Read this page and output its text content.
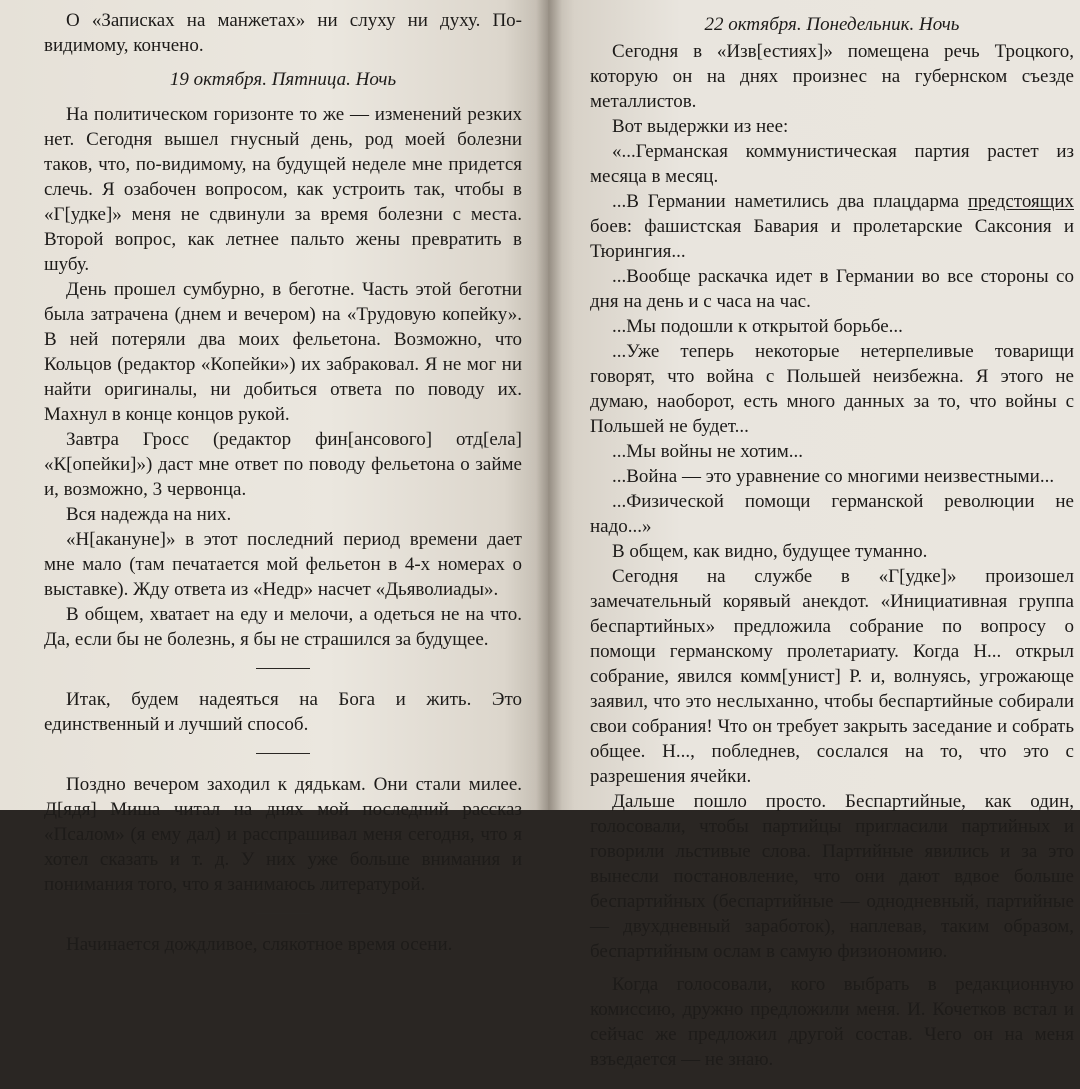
О «Записках на манжетах» ни слуху ни духу. По-видимому, кончено.

19 октября. Пятница. Ночь

На политическом горизонте то же — изменений резких нет. Сегодня вышел гнусный день, род моей болезни таков, что, по-видимому, на будущей неделе мне придется слечь. Я озабочен вопросом, как устроить так, чтобы в «Г[удке]» меня не сдвинули за время болезни с места. Второй вопрос, как летнее пальто жены превратить в шубу.

День прошел сумбурно, в беготне. Часть этой беготни была затрачена (днем и вечером) на «Трудовую копейку». В ней потеряли два моих фельетона. Возможно, что Кольцов (редактор «Копейки») их забраковал. Я не мог ни найти оригиналы, ни добиться ответа по поводу их. Махнул в конце концов рукой.

Завтра Гросс (редактор фин[ансового] отд[ела] «К[опейки]») даст мне ответ по поводу фельетона о займе и, возможно, 3 червонца.

Вся надежда на них.

«Н[акануне]» в этот последний период времени дает мне мало (там печатается мой фельетон в 4-х номерах о выставке). Жду ответа из «Недр» насчет «Дьяволиады».

В общем, хватает на еду и мелочи, а одеться не на что. Да, если бы не болезнь, я бы не страшился за будущее.

Итак, будем надеяться на Бога и жить. Это единственный и лучший способ.

Поздно вечером заходил к дядькам. Они стали милее. Д[ядя] Миша читал на днях мой последний рассказ «Псалом» (я ему дал) и расспрашивал меня сегодня, что я хотел сказать и т. д. У них уже больше внимания и понимания того, что я занимаюсь литературой.

Начинается дождливое, слякотное время осени.

22 октября. Понедельник. Ночь

Сегодня в «Изв[естиях]» помещена речь Троцкого, которую он на днях произнес на губернском съезде металлистов.

Вот выдержки из нее:

«...Германская коммунистическая партия растет из месяца в месяц.

...В Германии наметились два плацдарма предстоящих боев: фашистская Бавария и пролетарские Саксония и Тюрингия...

...Вообще раскачка идет в Германии во все стороны со дня на день и с часа на час.

...Мы подошли к открытой борьбе...

...Уже теперь некоторые нетерпеливые товарищи говорят, что война с Польшей неизбежна. Я этого не думаю, наоборот, есть много данных за то, что войны с Польшей не будет...

...Мы войны не хотим...

...Война — это уравнение со многими неизвестными...

...Физической помощи германской революции не надо...»

В общем, как видно, будущее туманно.

Сегодня на службе в «Г[удке]» произошел замечательный корявый анекдот. «Инициативная группа беспартийных» предложила собрание по вопросу о помощи германскому пролетариату. Когда Н... открыл собрание, явился комм[унист] Р. и, волнуясь, угрожающе заявил, что это неслыханно, чтобы беспартийные собирали свои собрания! Что он требует закрыть заседание и собрать общее. Н..., побледнев, сослался на то, что это с разрешения ячейки.

Дальше пошло просто. Беспартийные, как один, голосовали, чтобы партийцы пригласили партийных и говорили льстивые слова. Партийные явились и за это вынесли постановление, что они дают вдвое больше беспартийных (беспартийные — однодневный, партийные — двухдневный заработок), наплевав, таким образом, беспартийным ослам в самую физиономию.

Когда голосовали, кого выбрать в редакционную комиссию, дружно предложили меня. И. Кочетков встал и сейчас же предложил другой состав. Чего он на меня взъедается — не знаю.
